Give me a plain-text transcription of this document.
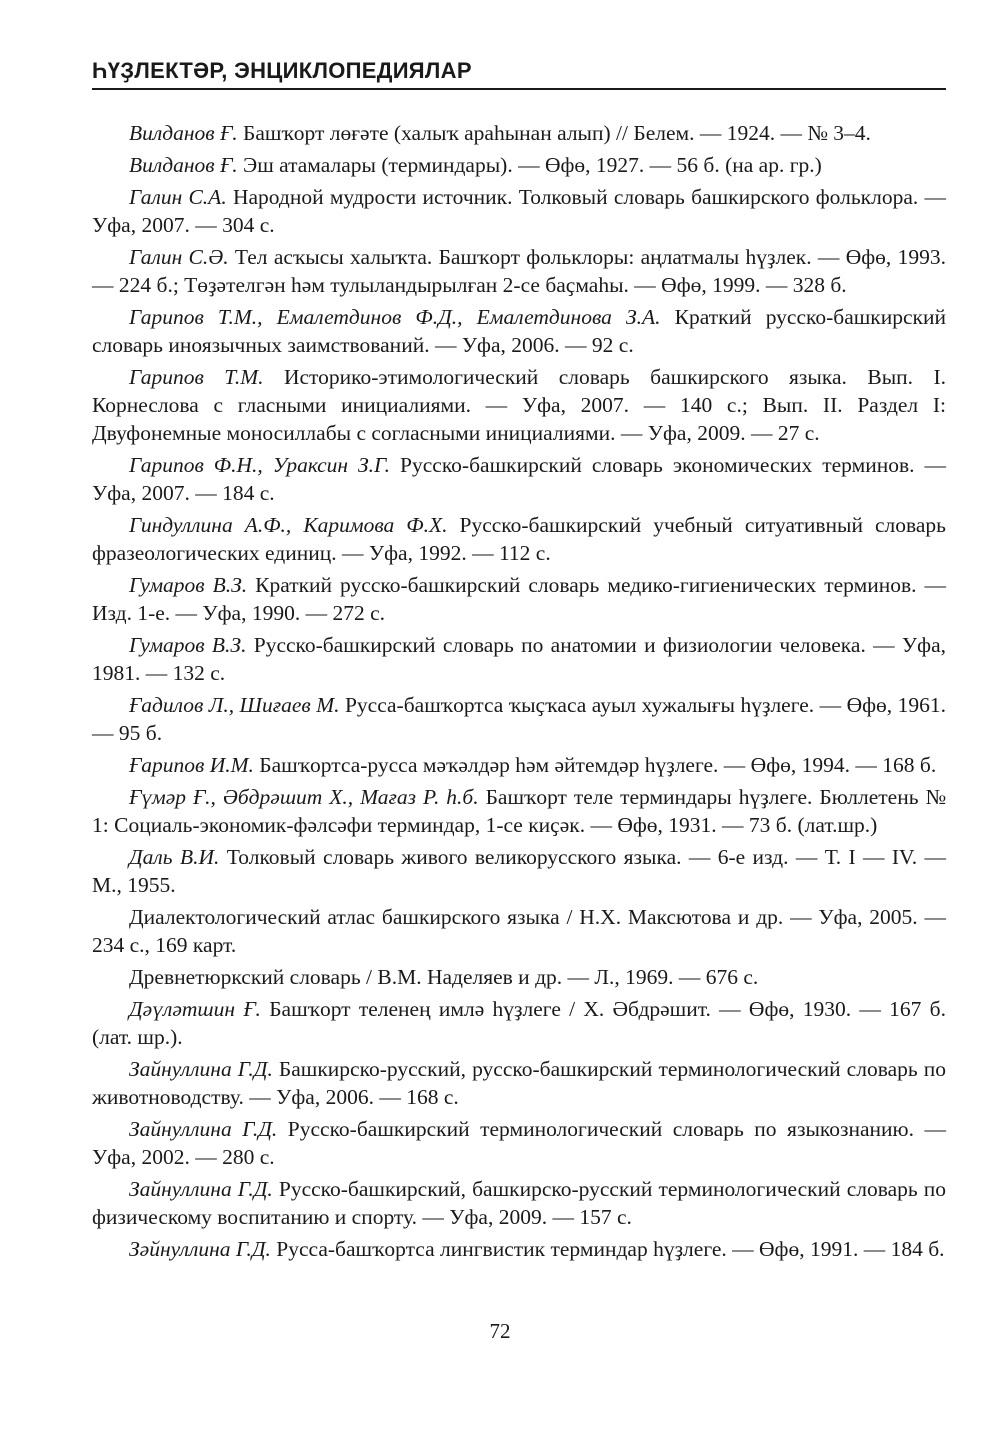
ҺҮҘЛЕКТӘР, ЭНЦИКЛОПЕДИЯЛАР
Вилданов Ғ. Башҡорт лөғәте (халыҡ араһынан алып) // Белем. — 1924. — № 3–4.
Вилданов Ғ. Эш атамалары (терминдары). — Өфө, 1927. — 56 б. (на ар. гр.)
Галин С.А. Народной мудрости источник. Толковый словарь башкирского фольклора. — Уфа, 2007. — 304 с.
Галин С.Ә. Тел асҡысы халыҡта. Башҡорт фольклоры: аңлатмалы һүҙлек. — Өфө, 1993. — 224 б.; Төҙәтелгән һәм тулыландырылған 2-се баҫмаһы. — Өфө, 1999. — 328 б.
Гарипов Т.М., Емалетдинов Ф.Д., Емалетдинова З.А. Краткий русско-башкирский словарь иноязычных заимствований. — Уфа, 2006. — 92 с.
Гарипов Т.М. Историко-этимологический словарь башкирского языка. Вып. I. Корнеслова с гласными инициалиями. — Уфа, 2007. — 140 с.; Вып. II. Раздел I: Двуфонемные моносиллабы с согласными инициалиями. — Уфа, 2009. — 27 с.
Гарипов Ф.Н., Ураксин З.Г. Русско-башкирский словарь экономических терминов. — Уфа, 2007. — 184 с.
Гиндуллина А.Ф., Каримова Ф.Х. Русско-башкирский учебный ситуативный словарь фразеологических единиц. — Уфа, 1992. — 112 с.
Гумаров В.З. Краткий русско-башкирский словарь медико-гигиенических терминов. — Изд. 1-е. — Уфа, 1990. — 272 с.
Гумаров В.З. Русско-башкирский словарь по анатомии и физиологии человека. — Уфа, 1981. — 132 с.
Ғадилов Л., Шиғаев М. Русса-башҡортса ҡыҫҡаса ауыл хужалығы һүҙлеге. — Өфө, 1961. — 95 б.
Ғарипов И.М. Башҡортса-русса мәҡәлдәр һәм әйтемдәр һүҙлеге. — Өфө, 1994. — 168 б.
Ғүмәр Ғ., Әбдрәшит Х., Мағаз Р. һ.б. Башҡорт теле терминдары һүҙлеге. Бюллетень № 1: Социаль-экономик-фәлсәфи терминдар, 1-се киҫәк. — Өфө, 1931. — 73 б. (лат.шр.)
Даль В.И. Толковый словарь живого великорусского языка. — 6-е изд. — Т. I — IV. — М., 1955.
Диалектологический атлас башкирского языка / Н.Х. Максютова и др. — Уфа, 2005. — 234 с., 169 карт.
Древнетюркский словарь / В.М. Наделяев и др. — Л., 1969. — 676 с.
Дәүләтшин Ғ. Башҡорт теленең имлә һүҙлеге / Х. Әбдрәшит. — Өфө, 1930. — 167 б. (лат. шр.).
Зайнуллина Г.Д. Башкирско-русский, русско-башкирский терминологический словарь по животноводству. — Уфа, 2006. — 168 с.
Зайнуллина Г.Д. Русско-башкирский терминологический словарь по языкознанию. — Уфа, 2002. — 280 с.
Зайнуллина Г.Д. Русско-башкирский, башкирско-русский терминологический словарь по физическому воспитанию и спорту. — Уфа, 2009. — 157 с.
Зәйнуллина Г.Д. Русса-башҡортса лингвистик терминдар һүҙлеге. — Өфө, 1991. — 184 б.
72
